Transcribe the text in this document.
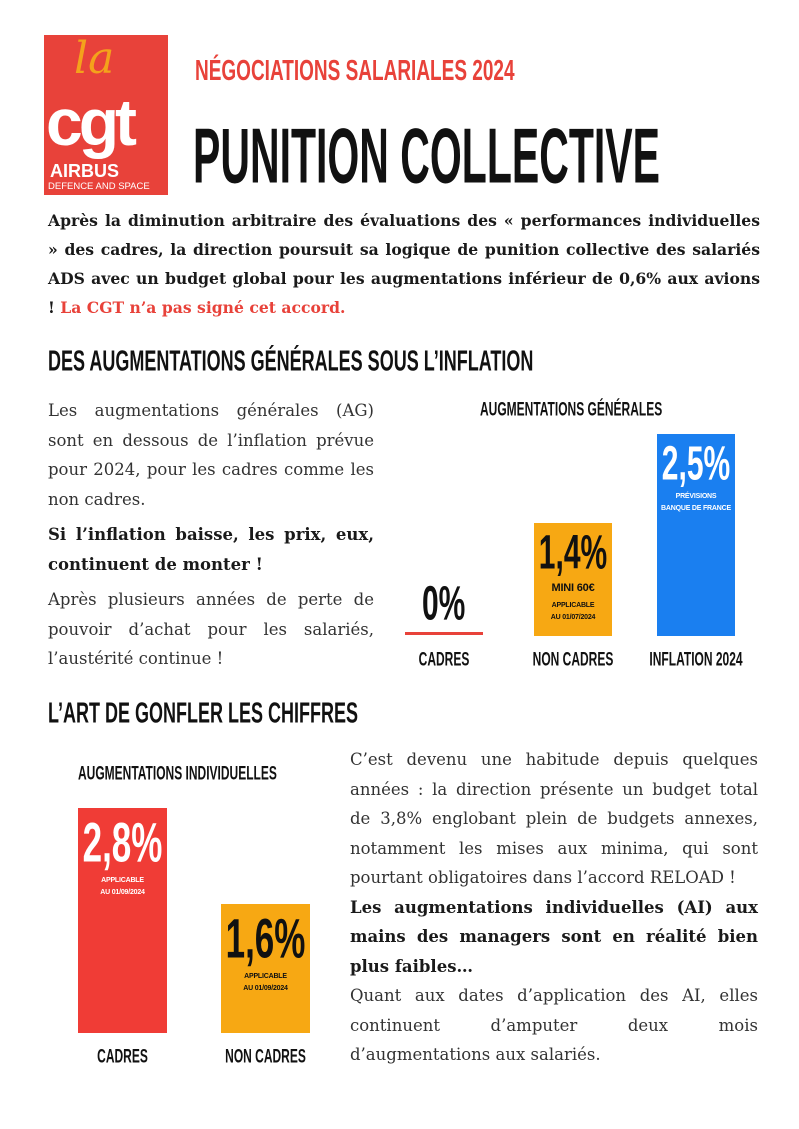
la
cgt
AIRBUS
DEFENCE AND SPACE
NÉGOCIATIONS SALARIALES 2024
PUNITION COLLECTIVE
Après la diminution arbitraire des évaluations des « performances individuelles » des cadres, la direction poursuit sa logique de punition collective des salariés ADS avec un budget global pour les augmentations inférieur de 0,6% aux avions ! La CGT n’a pas signé cet accord.
DES AUGMENTATIONS GÉNÉRALES SOUS L’INFLATION

Les augmentations générales (AG) sont en dessous de l’inflation prévue pour 2024, pour les cadres comme les non cadres.

Si l’inflation baisse, les prix, eux, continuent de monter !

Après plusieurs années de perte de pouvoir d’achat pour les salariés, l’austérité continue !

AUGMENTATIONS GÉNÉRALES
0%
CADRES
1,4%
MINI 60€
APPLICABLE
AU 01/07/2024
NON CADRES
2,5%
PRÉVISIONS
BANQUE DE FRANCE
INFLATION 2024
L’ART DE GONFLER LES CHIFFRES
AUGMENTATIONS INDIVIDUELLES
2,8%
APPLICABLE
AU 01/09/2024
CADRES
1,6%
APPLICABLE
AU 01/09/2024
NON CADRES

C’est devenu une habitude depuis quelques années : la direction présente un budget total de 3,8% englobant plein de budgets annexes, notamment les mises aux minima, qui sont pourtant obligatoires dans l’accord RELOAD !

Les augmentations individuelles (AI) aux mains des managers sont en réalité bien plus faibles…

Quant aux dates d’application des AI, elles continuent d’amputer deux mois d’augmentations aux salariés.
